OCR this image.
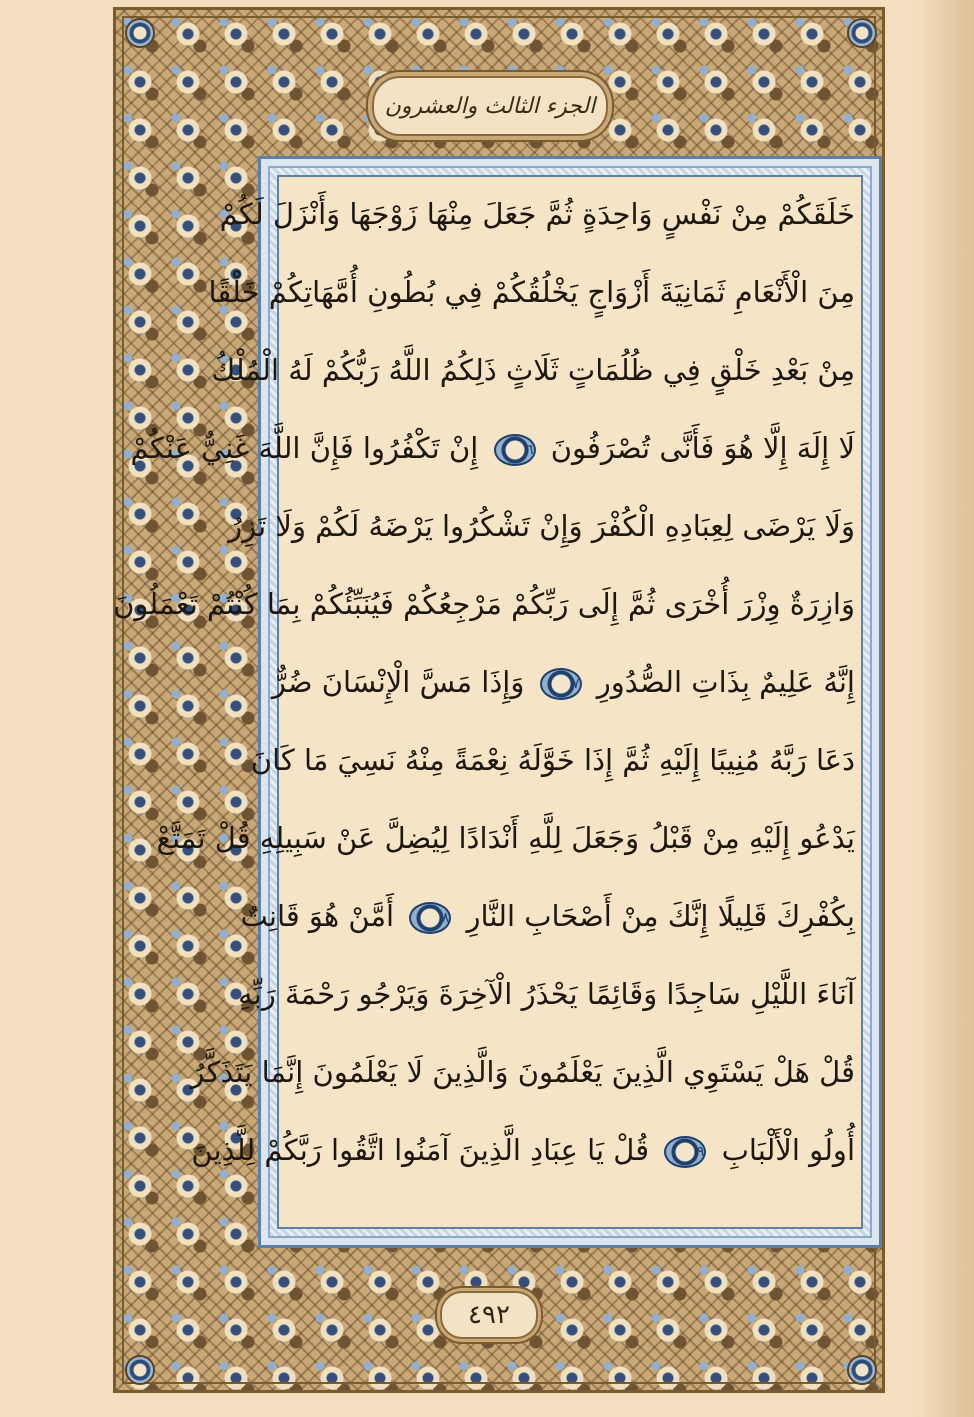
الجزء الثالث والعشرون
خَلَقَكُمْ مِنْ نَفْسٍ وَاحِدَةٍ ثُمَّ جَعَلَ مِنْهَا زَوْجَهَا وَأَنْزَلَ لَكُمْ
مِنَ الْأَنْعَامِ ثَمَانِيَةَ أَزْوَاجٍ يَخْلُقُكُمْ فِي بُطُونِ أُمَّهَاتِكُمْ خَلْقًا
مِنْ بَعْدِ خَلْقٍ فِي ظُلُمَاتٍ ثَلَاثٍ ذَلِكُمُ اللَّهُ رَبُّكُمْ لَهُ الْمُلْكُ
لَا إِلَهَ إِلَّا هُوَ فَأَنَّى تُصْرَفُونَ ٦ إِنْ تَكْفُرُوا فَإِنَّ اللَّهَ غَنِيٌّ عَنْكُمْ
وَلَا يَرْضَى لِعِبَادِهِ الْكُفْرَ وَإِنْ تَشْكُرُوا يَرْضَهُ لَكُمْ وَلَا تَزِرُ
وَازِرَةٌ وِزْرَ أُخْرَى ثُمَّ إِلَى رَبِّكُمْ مَرْجِعُكُمْ فَيُنَبِّئُكُمْ بِمَا كُنْتُمْ تَعْمَلُونَ
إِنَّهُ عَلِيمٌ بِذَاتِ الصُّدُورِ ٧ وَإِذَا مَسَّ الْإِنْسَانَ ضُرٌّ
دَعَا رَبَّهُ مُنِيبًا إِلَيْهِ ثُمَّ إِذَا خَوَّلَهُ نِعْمَةً مِنْهُ نَسِيَ مَا كَانَ
يَدْعُو إِلَيْهِ مِنْ قَبْلُ وَجَعَلَ لِلَّهِ أَنْدَادًا لِيُضِلَّ عَنْ سَبِيلِهِ قُلْ تَمَتَّعْ
بِكُفْرِكَ قَلِيلًا إِنَّكَ مِنْ أَصْحَابِ النَّارِ ٨ أَمَّنْ هُوَ قَانِتٌ
آنَاءَ اللَّيْلِ سَاجِدًا وَقَائِمًا يَحْذَرُ الْآخِرَةَ وَيَرْجُو رَحْمَةَ رَبِّهِ
قُلْ هَلْ يَسْتَوِي الَّذِينَ يَعْلَمُونَ وَالَّذِينَ لَا يَعْلَمُونَ إِنَّمَا يَتَذَكَّرُ
أُولُو الْأَلْبَابِ ٩ قُلْ يَا عِبَادِ الَّذِينَ آمَنُوا اتَّقُوا رَبَّكُمْ لِلَّذِينَ
٤٩٢
